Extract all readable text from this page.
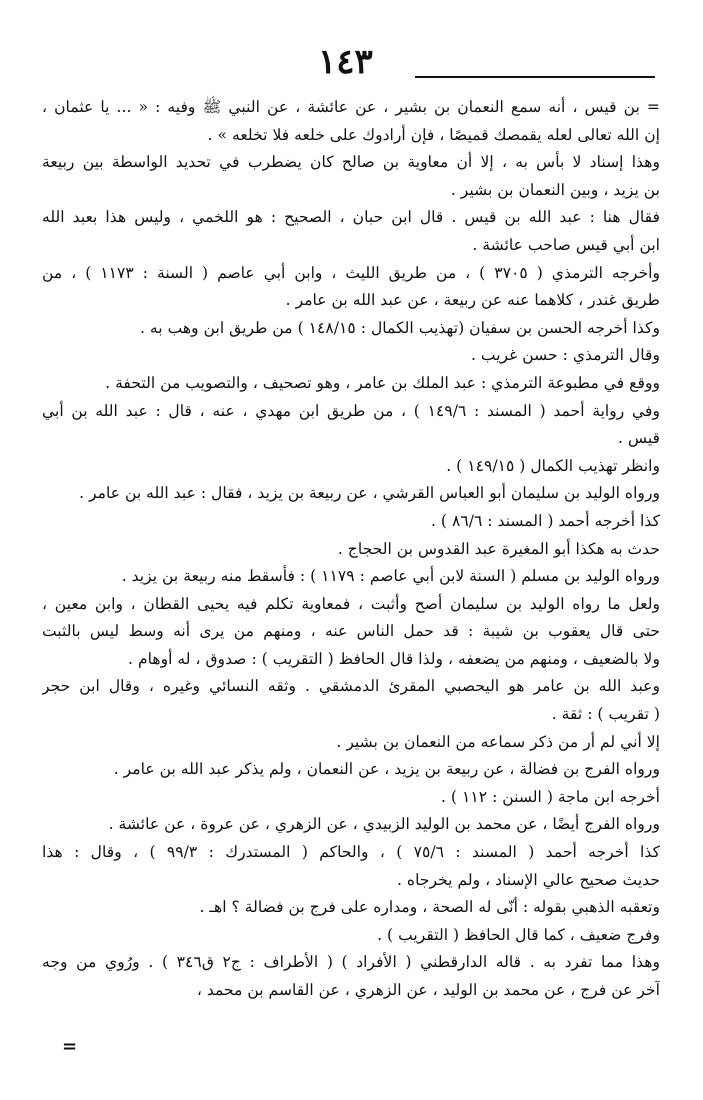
١٤٣
= بن قيس ، أنه سمع النعمان بن بشير ، عن عائشة ، عن النبي ﷺ وفيه : « ... يا عثمان ،
إن الله تعالى لعله يقمصك قميصًا ، فإن أرادوك على خلعه فلا تخلعه » .
وهذا إسناد لا بأس به ، إلا أن معاوية بن صالح كان يضطرب في تحديد الواسطة بين ربيعة
بن يزيد ، وبين النعمان بن بشير .
فقال هنا : عبد الله بن قيس . قال ابن حبان ، الصحيح : هو اللخمي ، وليس هذا بعبد الله
ابن أبي قيس صاحب عائشة .
وأخرجه الترمذي ( ٣٧٠٥ ) ، من طريق الليث ، وابن أبي عاصم ( السنة : ١١٧٣ ) ، من
طريق غندر ، كلاهما عنه عن ربيعة ، عن عبد الله بن عامر .
وكذا أخرجه الحسن بن سفيان (تهذيب الكمال : ١٤٨/١٥ ) من طريق ابن وهب به .
وقال الترمذي : حسن غريب .
ووقع في مطبوعة الترمذي : عبد الملك بن عامر ، وهو تصحيف ، والتصويب من التحفة .
وفي رواية أحمد ( المسند : ١٤٩/٦ ) ، من طريق ابن مهدي ، عنه ، قال : عبد الله بن أبي
قيس .
وانظر تهذيب الكمال ( ١٤٩/١٥ ) .
ورواه الوليد بن سليمان أبو العباس القرشي ، عن ربيعة بن يزيد ، فقال : عبد الله بن عامر .
كذا أخرجه أحمد ( المسند : ٨٦/٦ ) .
حدث به هكذا أبو المغيرة عبد القدوس بن الحجاج .
ورواه الوليد بن مسلم ( السنة لابن أبي عاصم : ١١٧٩ ) : فأسقط منه ربيعة بن يزيد .
ولعل ما رواه الوليد بن سليمان أصح وأثبت ، فمعاوية تكلم فيه يحيى القطان ، وابن معين ،
حتى قال يعقوب بن شيبة : قد حمل الناس عنه ، ومنهم من يرى أنه وسط ليس بالثبت
ولا بالضعيف ، ومنهم من يضعفه ، ولذا قال الحافظ ( التقريب ) : صدوق ، له أوهام .
وعبد الله بن عامر هو اليحصبي المقرئ الدمشقي . وثقه النسائي وغيره ، وقال ابن حجر
( تقريب ) : ثقة .
إلا أني لم أر من ذكر سماعه من النعمان بن بشير .
ورواه الفرج بن فضالة ، عن ربيعة بن يزيد ، عن النعمان ، ولم يذكر عبد الله بن عامر .
أخرجه ابن ماجة ( السنن : ١١٢ ) .
ورواه الفرج أيضًا ، عن محمد بن الوليد الزبيدي ، عن الزهري ، عن عروة ، عن عائشة .
كذا أخرجه أحمد ( المسند : ٧٥/٦ ) ، والحاكم ( المستدرك : ٩٩/٣ ) ، وقال : هذا
حديث صحيح عالي الإسناد ، ولم يخرجاه .
وتعقبه الذهبي بقوله : أنّى له الصحة ، ومداره على فرج بن فضالة ؟ اهـ .
وفرج ضعيف ، كما قال الحافظ ( التقريب ) .
وهذا مما تفرد به . قاله الدارقطني ( الأفراد ) ( الأطراف : ج٢ ق٣٤٦ ) . ورُوي من وجه
آخر عن فرج ، عن محمد بن الوليد ، عن الزهري ، عن القاسم بن محمد ،
=
